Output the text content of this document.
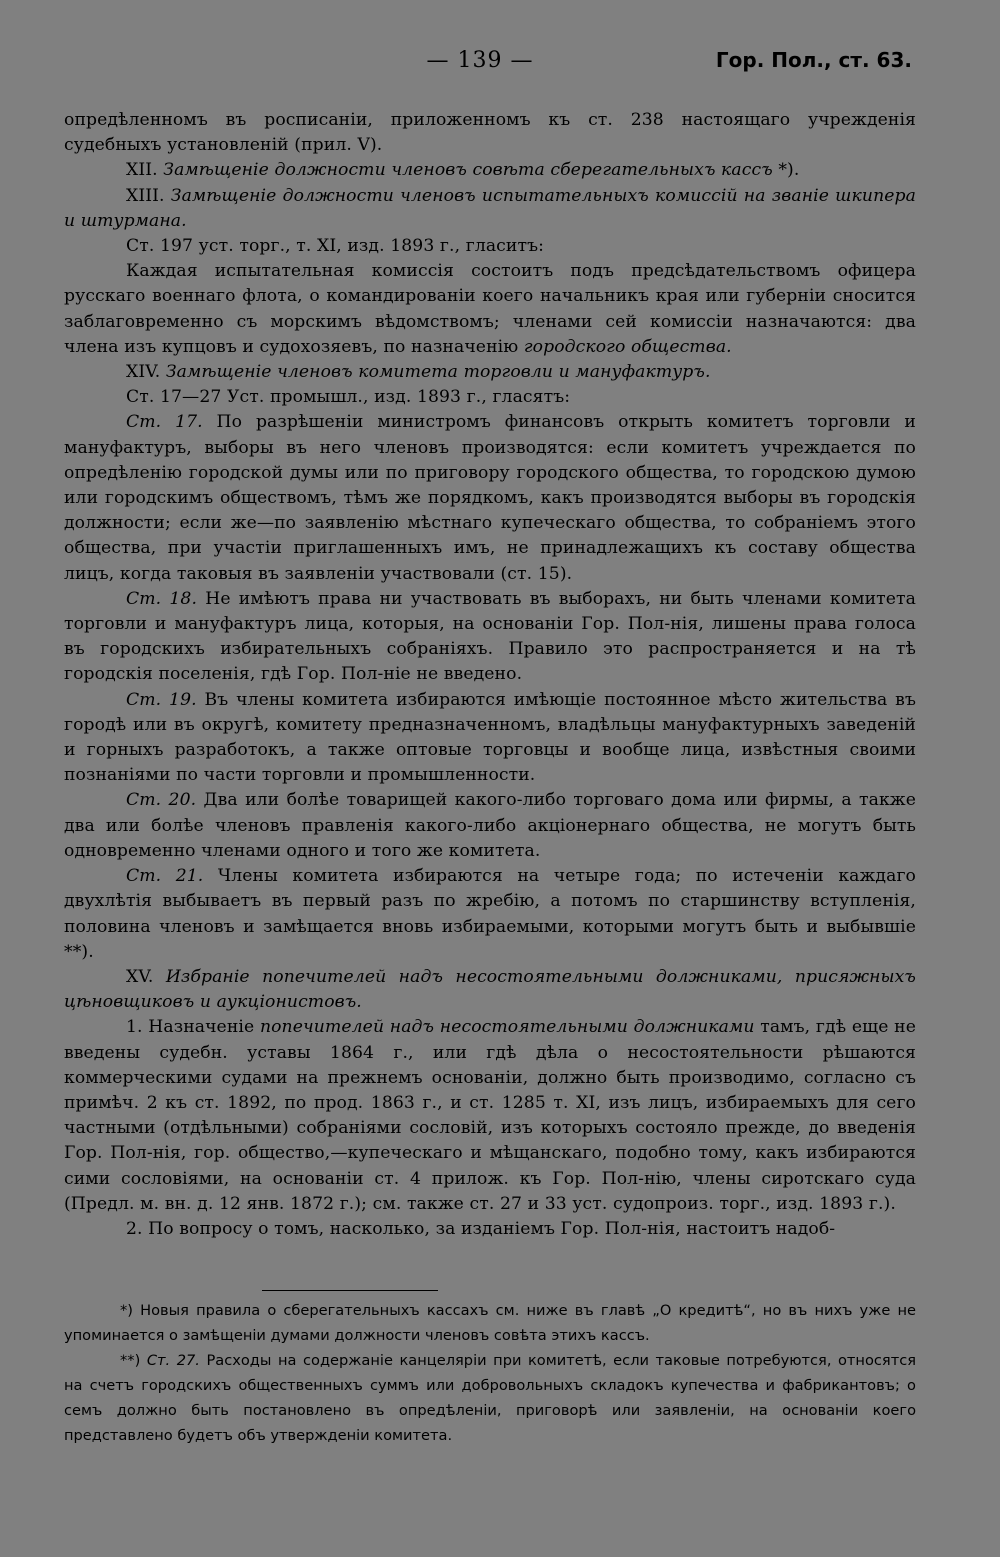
— 139 —	Гор. Пол., ст. 63.

опредѣленномъ въ росписаніи, приложенномъ къ ст. 238 настоящаго учрежденія судебныхъ установленій (прил. V).

XII. Замѣщеніе должности членовъ совѣта сберегательныхъ кассъ *).

XIII. Замѣщеніе должности членовъ испытательныхъ комиссій на званіе шкипера и штурмана.

Ст. 197 уст. торг., т. XI, изд. 1893 г., гласитъ:

Каждая испытательная комиссія состоитъ подъ предсѣдательствомъ офицера русскаго военнаго флота, о командированіи коего начальникъ края или губерніи сносится заблаговременно съ морскимъ вѣдомствомъ; членами сей комиссіи назначаются: два члена изъ купцовъ и судохозяевъ, по назначенію городского общества.

XIV. Замѣщеніе членовъ комитета торговли и мануфактуръ.

Ст. 17—27 Уст. промышл., изд. 1893 г., гласятъ:

Ст. 17. По разрѣшеніи министромъ финансовъ открыть комитетъ торговли и мануфактуръ, выборы въ него членовъ производятся: если комитетъ учреждается по опредѣленію городской думы или по приговору городского общества, то городскою думою или городскимъ обществомъ, тѣмъ же порядкомъ, какъ производятся выборы въ городскія должности; если же—по заявленію мѣстнаго купеческаго общества, то собраніемъ этого общества, при участіи приглашенныхъ имъ, не принадлежащихъ къ составу общества лицъ, когда таковыя въ заявленіи участвовали (ст. 15).

Ст. 18. Не имѣютъ права ни участвовать въ выборахъ, ни быть членами комитета торговли и мануфактуръ лица, которыя, на основаніи Гор. Пол-нія, лишены права голоса въ городскихъ избирательныхъ собраніяхъ. Правило это распространяется и на тѣ городскія поселенія, гдѣ Гор. Пол-ніе не введено.

Ст. 19. Въ члены комитета избираются имѣющіе постоянное мѣсто жительства въ городѣ или въ округѣ, комитету предназначенномъ, владѣльцы мануфактурныхъ заведеній и горныхъ разработокъ, а также оптовые торговцы и вообще лица, извѣстныя своими познаніями по части торговли и промышленности.

Ст. 20. Два или болѣе товарищей какого-либо торговаго дома или фирмы, а также два или болѣе членовъ правленія какого-либо акціонернаго общества, не могутъ быть одновременно членами одного и того же комитета.

Ст. 21. Члены комитета избираются на четыре года; по истеченіи каждаго двухлѣтія выбываетъ въ первый разъ по жребію, а потомъ по старшинству вступленія, половина членовъ и замѣщается вновь избираемыми, которыми могутъ быть и выбывшіе **).

XV. Избраніе попечителей надъ несостоятельными должниками, присяжныхъ цѣновщиковъ и аукціонистовъ.

1. Назначеніе попечителей надъ несостоятельными должниками тамъ, гдѣ еще не введены судебн. уставы 1864 г., или гдѣ дѣла о несостоятельности рѣшаются коммерческими судами на прежнемъ основаніи, должно быть производимо, согласно съ примѣч. 2 къ ст. 1892, по прод. 1863 г., и ст. 1285 т. XI, изъ лицъ, избираемыхъ для сего частными (отдѣльными) собраніями сословій, изъ которыхъ состояло прежде, до введенія Гор. Пол-нія, гор. общество,—купеческаго и мѣщанскаго, подобно тому, какъ избираются сими сословіями, на основаніи ст. 4 прилож. къ Гор. Пол-нію, члены сиротскаго суда (Предл. м. вн. д. 12 янв. 1872 г.); см. также ст. 27 и 33 уст. судопроиз. торг., изд. 1893 г.).

2. По вопросу о томъ, насколько, за изданіемъ Гор. Пол-нія, настоитъ надоб-

*) Новыя правила о сберегательныхъ кассахъ см. ниже въ главѣ „О кредитѣ“, но въ нихъ уже не упоминается о замѣщеніи думами должности членовъ совѣта этихъ кассъ.

**) Ст. 27. Расходы на содержаніе канцеляріи при комитетѣ, если таковые потребуются, относятся на счетъ городскихъ общественныхъ суммъ или добровольныхъ складокъ купечества и фабрикантовъ; о семъ должно быть постановлено въ опредѣленіи, приговорѣ или заявленіи, на основаніи коего представлено будетъ объ утвержденіи комитета.
